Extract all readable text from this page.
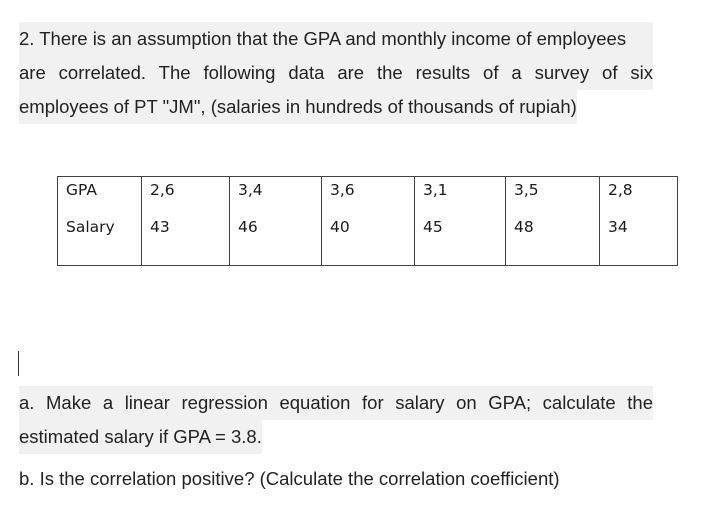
2. There is an assumption that the GPA and monthly income of employees
are correlated. The following data are the results of a survey of six
employees of PT "JM", (salaries in hundreds of thousands of rupiah)
GPA	2,6	3,4	3,6	3,1	3,5	2,8
Salary	43	46	40	45	48	34
a. Make a linear regression equation for salary on GPA; calculate the
estimated salary if GPA = 3.8.
b. Is the correlation positive? (Calculate the correlation coefficient)
